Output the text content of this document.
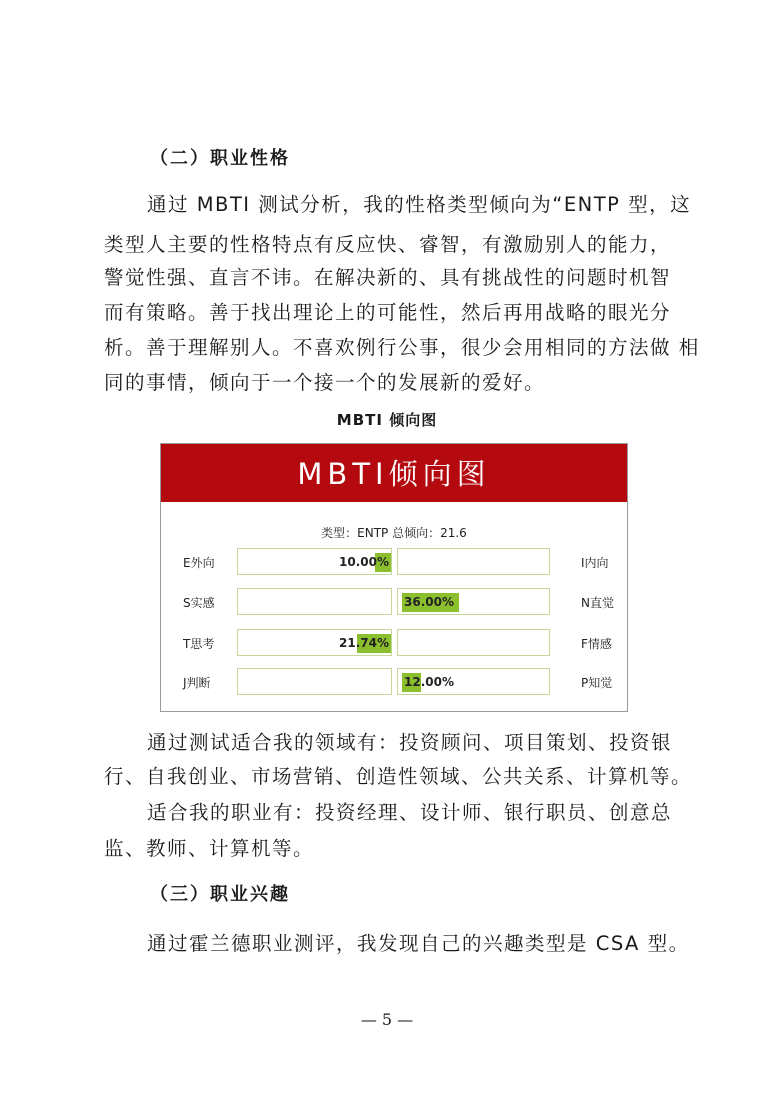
（二）职业性格
通过 MBTI 测试分析，我的性格类型倾向为“ENTP 型，这
类型人主要的性格特点有反应快、睿智，有激励别人的能力，
警觉性强、直言不讳。在解决新的、具有挑战性的问题时机智
而有策略。善于找出理论上的可能性，然后再用战略的眼光分
析。善于理解别人。不喜欢例行公事，很少会用相同的方法做 相
同的事情，倾向于一个接一个的发展新的爱好。
MBTI 倾向图
MBTI倾向图
类型：ENTP 总倾向：21.6
E外向	I内向
10.00%
S实感	N直觉
36.00%
T思考	F情感
21.74%
J判断	P知觉
12.00%
通过测试适合我的领域有：投资顾问、项目策划、投资银
行、自我创业、市场营销、创造性领域、公共关系、计算机等。
适合我的职业有：投资经理、设计师、银行职员、创意总
监、教师、计算机等。
（三）职业兴趣
通过霍兰德职业测评，我发现自己的兴趣类型是 CSA 型。
— 5 —
